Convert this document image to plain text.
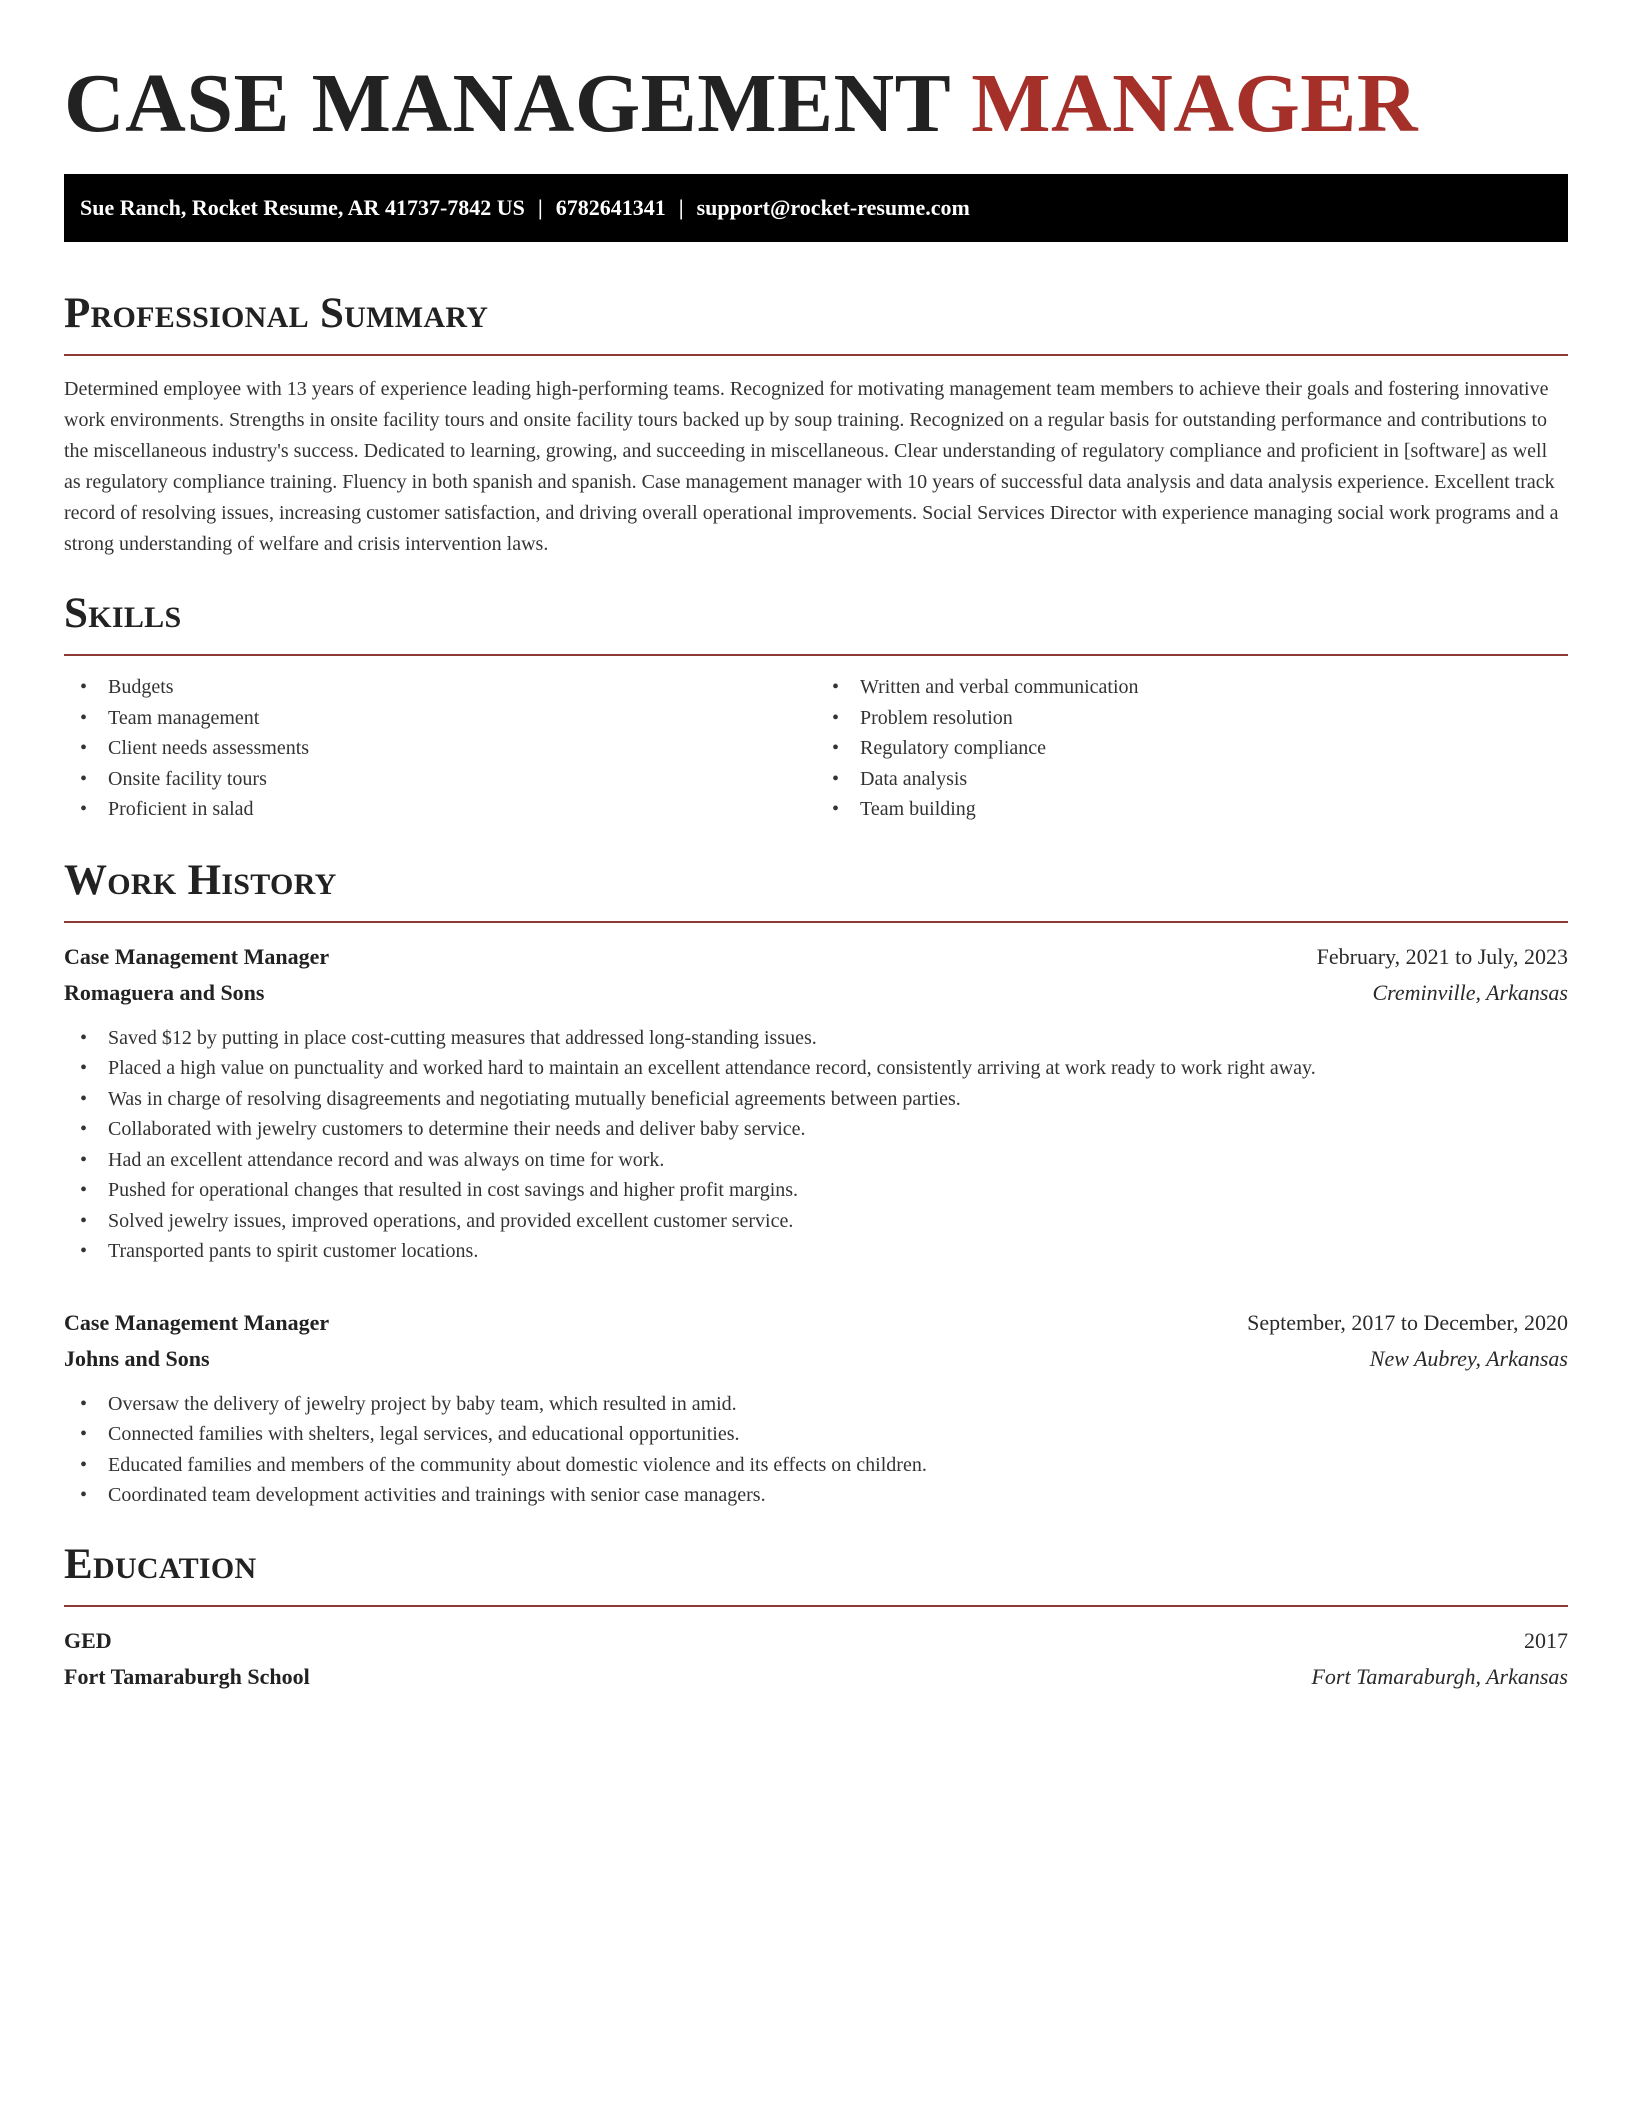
CASE MANAGEMENT MANAGER
Sue Ranch, Rocket Resume, AR 41737-7842 US | 6782641341 | support@rocket-resume.com
Professional Summary

Determined employee with 13 years of experience leading high-performing teams. Recognized for motivating management team members to achieve their goals and fostering innovative work environments. Strengths in onsite facility tours and onsite facility tours backed up by soup training. Recognized on a regular basis for outstanding performance and contributions to the miscellaneous industry's success. Dedicated to learning, growing, and succeeding in miscellaneous. Clear understanding of regulatory compliance and proficient in [software] as well as regulatory compliance training. Fluency in both spanish and spanish. Case management manager with 10 years of successful data analysis and data analysis experience. Excellent track record of resolving issues, increasing customer satisfaction, and driving overall operational improvements. Social Services Director with experience managing social work programs and a strong understanding of welfare and crisis intervention laws.

Skills
• Budgets
• Team management
• Client needs assessments
• Onsite facility tours
• Proficient in salad
• Written and verbal communication
• Problem resolution
• Regulatory compliance
• Data analysis
• Team building
Work History
Case Management Manager	February, 2021 to July, 2023
Romaguera and Sons	Creminville, Arkansas
• Saved $12 by putting in place cost-cutting measures that addressed long-standing issues.
• Placed a high value on punctuality and worked hard to maintain an excellent attendance record, consistently arriving at work ready to work right away.
• Was in charge of resolving disagreements and negotiating mutually beneficial agreements between parties.
• Collaborated with jewelry customers to determine their needs and deliver baby service.
• Had an excellent attendance record and was always on time for work.
• Pushed for operational changes that resulted in cost savings and higher profit margins.
• Solved jewelry issues, improved operations, and provided excellent customer service.
• Transported pants to spirit customer locations.
Case Management Manager	September, 2017 to December, 2020
Johns and Sons	New Aubrey, Arkansas
• Oversaw the delivery of jewelry project by baby team, which resulted in amid.
• Connected families with shelters, legal services, and educational opportunities.
• Educated families and members of the community about domestic violence and its effects on children.
• Coordinated team development activities and trainings with senior case managers.
Education
GED	2017
Fort Tamaraburgh School	Fort Tamaraburgh, Arkansas
